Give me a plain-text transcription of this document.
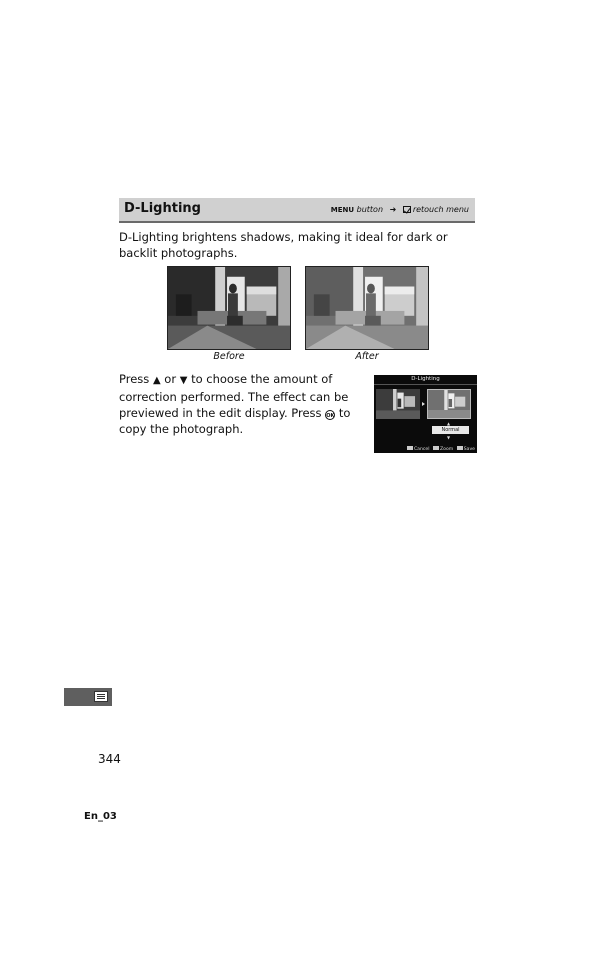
D-Lighting	MENU button ➜ retouch menu
D-Lighting brightens shadows, making it ideal for dark or backlit photographs.
Before	After
Press ▲ or ▼ to choose the amount of correction performed. The effect can be previewed in the edit display. Press OK to copy the photograph.
D-Lighting
▲
Normal
▼
Cancel Zoom Save
344
En_03
